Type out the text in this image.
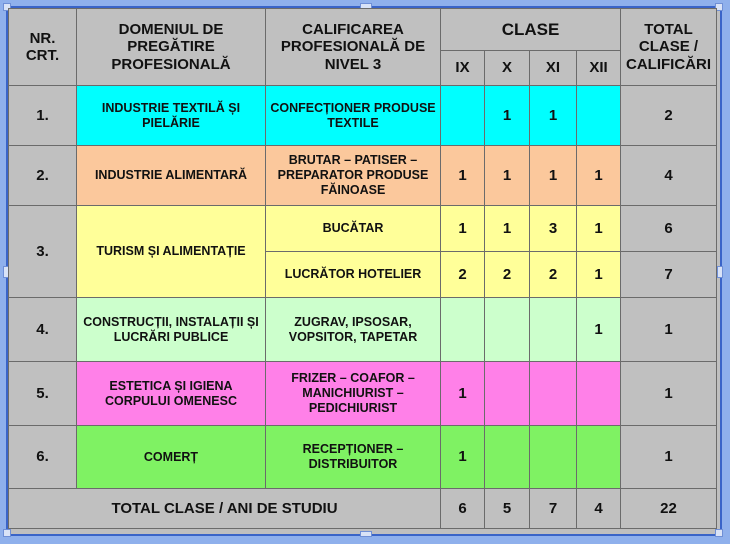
NR. CRT.	DOMENIUL DE PREGĂTIRE PROFESIONALĂ	CALIFICAREA PROFESIONALĂ DE NIVEL 3	CLASE				TOTAL CLASE / CALIFICĂRI
			IX	X	XI	XII	
1.	INDUSTRIE TEXTILĂ ȘI PIELĂRIE	CONFECȚIONER PRODUSE TEXTILE		1	1		2
2.	INDUSTRIE ALIMENTARĂ	BRUTAR – PATISER – PREPARATOR PRODUSE FĂINOASE	1	1	1	1	4
3.	TURISM ȘI ALIMENTAȚIE	BUCĂTAR	1	1	3	1	6
		LUCRĂTOR HOTELIER	2	2	2	1	7
4.	CONSTRUCȚII, INSTALAȚII ȘI LUCRĂRI PUBLICE	ZUGRAV, IPSOSAR, VOPSITOR, TAPETAR				1	1
5.	ESTETICA ȘI IGIENA CORPULUI OMENESC	FRIZER – COAFOR – MANICHIURIST – PEDICHIURIST	1				1
6.	COMERȚ	RECEPȚIONER – DISTRIBUITOR	1				1
TOTAL CLASE / ANI DE STUDIU			6	5	7	4	22
